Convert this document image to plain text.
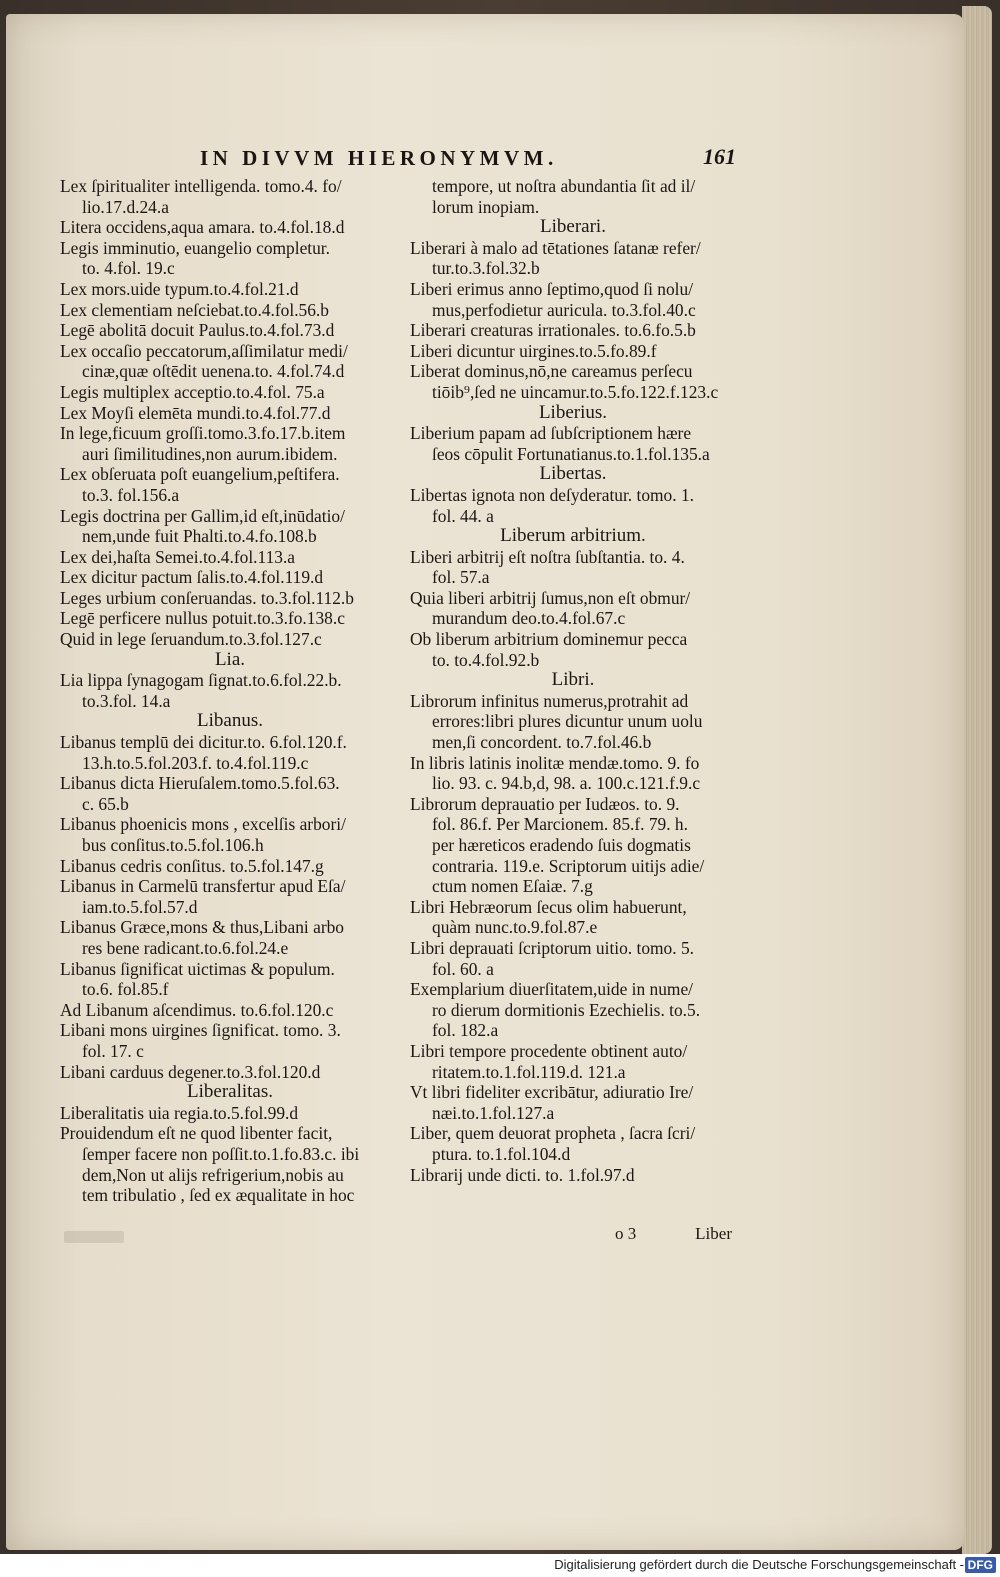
IN DIVVM HIERONYMVM.	161
Lex ſpiritualiter intelligenda. tomo.4. fo/
lio.17.d.24.a
Litera occidens,aqua amara. to.4.fol.18.d
Legis imminutio, euangelio completur.
to. 4.fol. 19.c
Lex mors.uide typum.to.4.fol.21.d
Lex clementiam neſciebat.to.4.fol.56.b
Legē abolitā docuit Paulus.to.4.fol.73.d
Lex occaſio peccatorum,aſſimilatur medi/
cinæ,quæ oſtēdit uenena.to. 4.fol.74.d
Legis multiplex acceptio.to.4.fol. 75.a
Lex Moyſi elemēta mundi.to.4.fol.77.d
In lege,ficuum groſſi.tomo.3.fo.17.b.item
auri ſimilitudines,non aurum.ibidem.
Lex obſeruata poſt euangelium,peſtifera.
to.3. fol.156.a
Legis doctrina per Gallim,id eſt,inūdatio/
nem,unde fuit Phalti.to.4.fo.108.b
Lex dei,haſta Semei.to.4.fol.113.a
Lex dicitur pactum ſalis.to.4.fol.119.d
Leges urbium conſeruandas. to.3.fol.112.b
Legē perficere nullus potuit.to.3.fo.138.c
Quid in lege ſeruandum.to.3.fol.127.c
Lia.
Lia lippa ſynagogam ſignat.to.6.fol.22.b.
to.3.fol. 14.a
Libanus.
Libanus templū dei dicitur.to. 6.fol.120.f.
13.h.to.5.fol.203.f. to.4.fol.119.c
Libanus dicta Hieruſalem.tomo.5.fol.63.
c. 65.b
Libanus phoenicis mons , excelſis arbori/
bus conſitus.to.5.fol.106.h
Libanus cedris conſitus. to.5.fol.147.g
Libanus in Carmelū transfertur apud Eſa/
iam.to.5.fol.57.d
Libanus Græce,mons & thus,Libani arbo
res bene radicant.to.6.fol.24.e
Libanus ſignificat uictimas & populum.
to.6. fol.85.f
Ad Libanum aſcendimus. to.6.fol.120.c
Libani mons uirgines ſignificat. tomo. 3.
fol. 17. c
Libani carduus degener.to.3.fol.120.d
Liberalitas.
Liberalitatis uia regia.to.5.fol.99.d
Prouidendum eſt ne quod libenter facit,
ſemper facere non poſſit.to.1.fo.83.c. ibi
dem,Non ut alijs refrigerium,nobis au
tem tribulatio , ſed ex æqualitate in hoc
tempore, ut noſtra abundantia ſit ad il/
lorum inopiam.
Liberari.
Liberari à malo ad tētationes ſatanæ refer/
tur.to.3.fol.32.b
Liberi erimus anno ſeptimo,quod ſi nolu/
mus,perfodietur auricula. to.3.fol.40.c
Liberari creaturas irrationales. to.6.fo.5.b
Liberi dicuntur uirgines.to.5.fo.89.f
Liberat dominus,nō,ne careamus perſecu
tiōib⁹,ſed ne uincamur.to.5.fo.122.f.123.c
Liberius.
Liberium papam ad ſubſcriptionem hære
ſeos cōpulit Fortunatianus.to.1.fol.135.a
Libertas.
Libertas ignota non deſyderatur. tomo. 1.
fol. 44. a
Liberum arbitrium.
Liberi arbitrij eſt noſtra ſubſtantia. to. 4.
fol. 57.a
Quia liberi arbitrij ſumus,non eſt obmur/
murandum deo.to.4.fol.67.c
Ob liberum arbitrium dominemur pecca
to. to.4.fol.92.b
Libri.
Librorum infinitus numerus,protrahit ad
errores:libri plures dicuntur unum uolu
men,ſi concordent. to.7.fol.46.b
In libris latinis inolitæ mendæ.tomo. 9. fo
lio. 93. c. 94.b,d, 98. a. 100.c.121.f.9.c
Librorum deprauatio per Iudæos. to. 9.
fol. 86.f. Per Marcionem. 85.f. 79. h.
per hæreticos eradendo ſuis dogmatis
contraria. 119.e. Scriptorum uitijs adie/
ctum nomen Eſaiæ. 7.g
Libri Hebræorum ſecus olim habuerunt,
quàm nunc.to.9.fol.87.e
Libri deprauati ſcriptorum uitio. tomo. 5.
fol. 60. a
Exemplarium diuerſitatem,uide in nume/
ro dierum dormitionis Ezechielis. to.5.
fol. 182.a
Libri tempore procedente obtinent auto/
ritatem.to.1.fol.119.d. 121.a
Vt libri fideliter excribātur, adiuratio Ire/
næi.to.1.fol.127.a
Liber, quem deuorat propheta , ſacra ſcri/
ptura. to.1.fol.104.d
Librarij unde dicti. to. 1.fol.97.d
o 3	Liber
Digitalisierung gefördert durch die Deutsche Forschungsgemeinschaft - DFG
